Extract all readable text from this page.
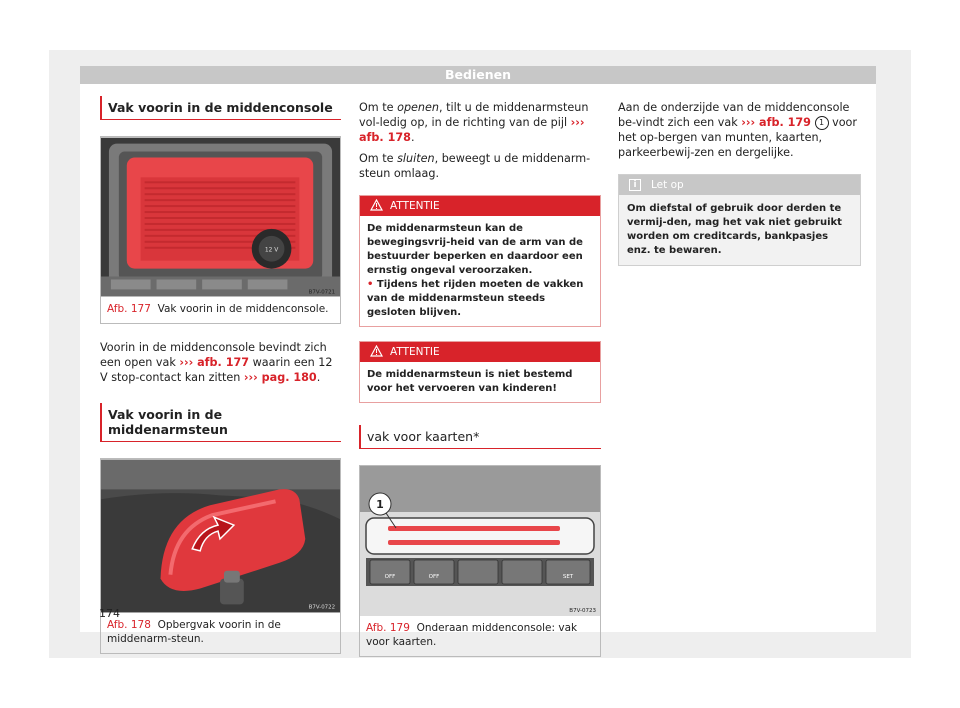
Bedienen
Vak voorin in de middenconsole
12 V
B7V-0721
Afb. 177 Vak voorin in de middenconsole.

Voorin in de middenconsole bevindt zich een open vak ››› afb. 177 waarin een 12 V stop-contact kan zitten ››› pag. 180.

Vak voorin in de middenarmsteun
B7V-0722
Afb. 178 Opbergvak voorin in de middenarm-steun.

Om te openen, tilt u de middenarmsteun vol-ledig op, in de richting van de pijl ››› afb. 178.

Om te sluiten, beweegt u de middenarm-steun omlaag.

ATTENTIE
De middenarmsteun kan de bewegingsvrij-heid van de arm van de bestuurder beperken en daardoor een ernstig ongeval veroorzaken.
• Tijdens het rijden moeten de vakken van de middenarmsteun steeds gesloten blijven.
ATTENTIE
De middenarmsteun is niet bestemd voor het vervoeren van kinderen!
vak voor kaarten*
OFF	OFF	SET
1
B7V-0723
Afb. 179 Onderaan middenconsole: vak voor kaarten.

Aan de onderzijde van de middenconsole be-vindt zich een vak ››› afb. 179 1 voor het op-bergen van munten, kaarten, parkeerbewij-zen en dergelijke.

i	Let op
Om diefstal of gebruik door derden te vermij-den, mag het vak niet gebruikt worden om creditcards, bankpasjes enz. te bewaren.
174
